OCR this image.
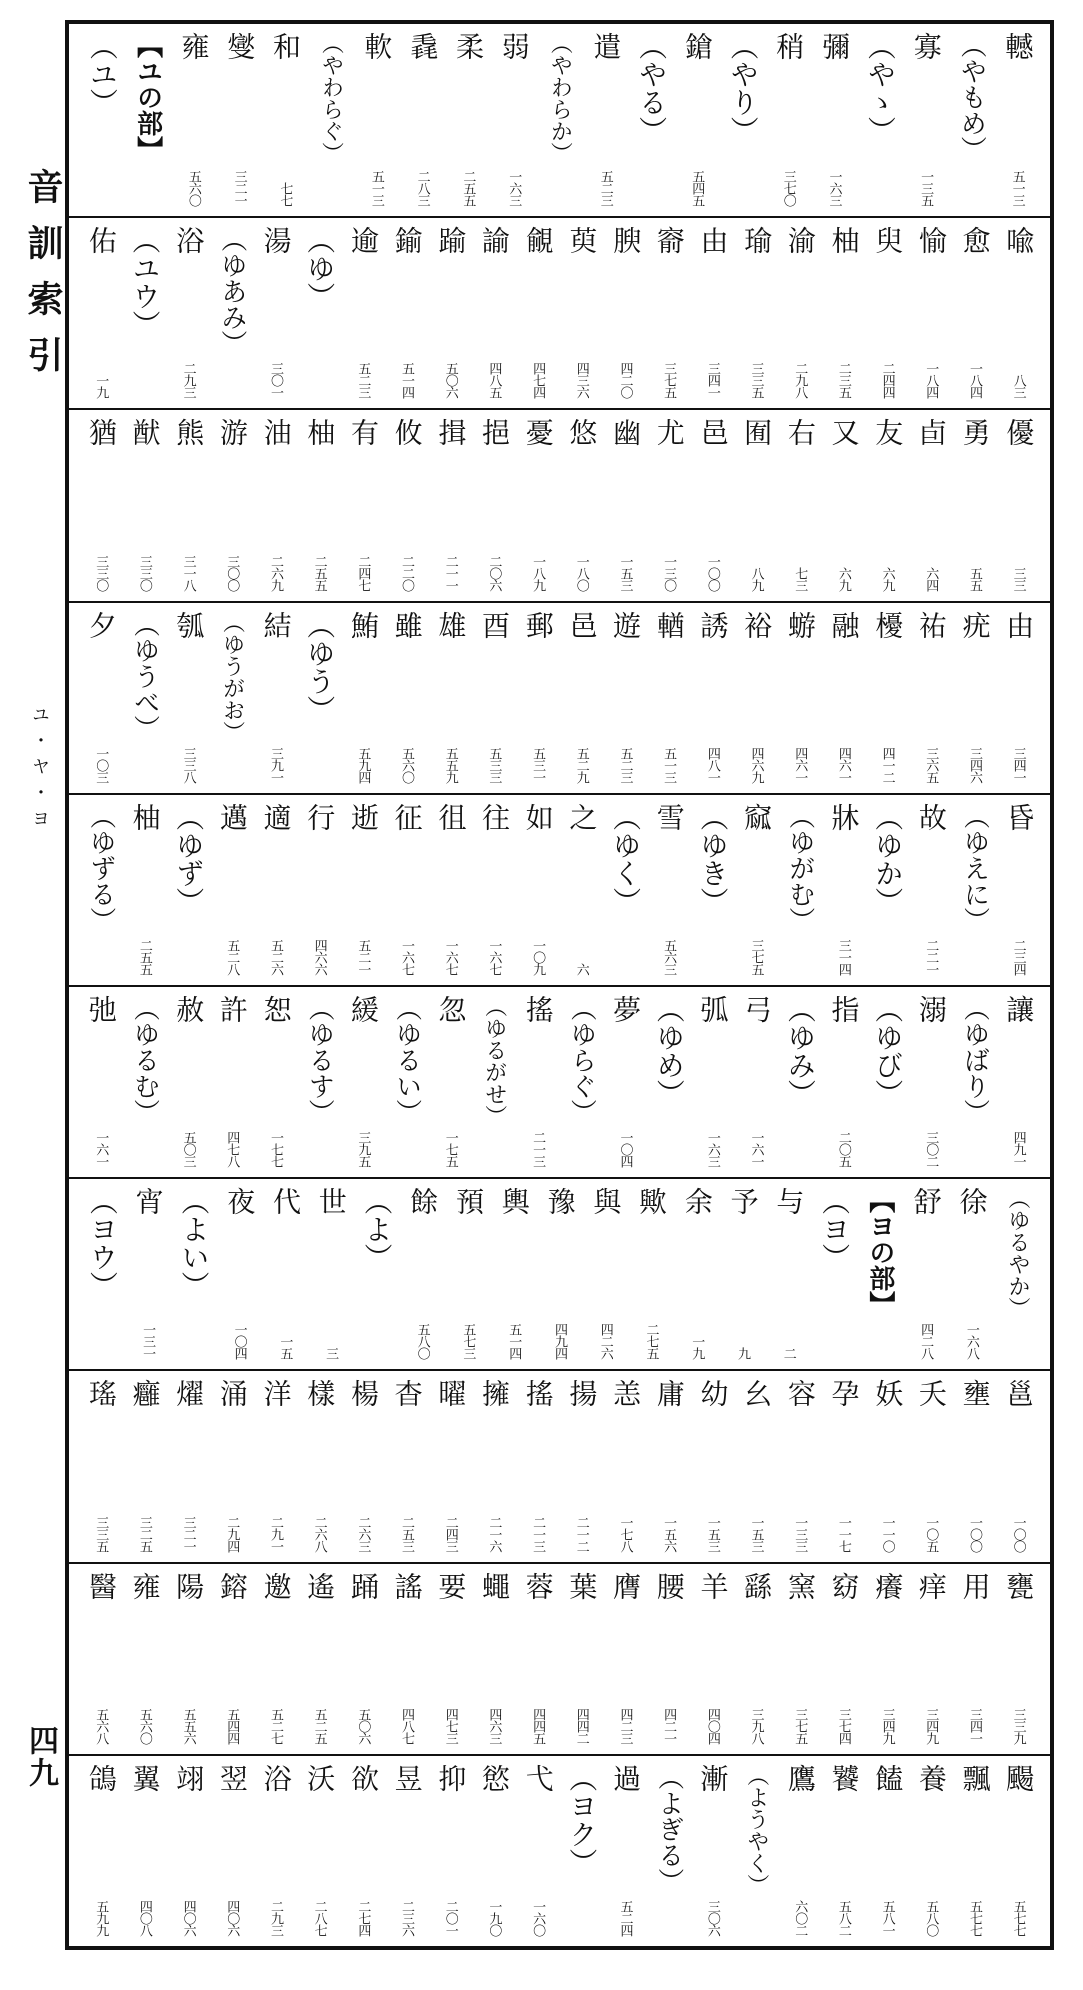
音訓索引
ユ・ヤ・ヨ
四九
轗
五一三
（やもめ）
寡
一三五
（やゝ）
彌
一六三
稍
三七〇
（やり）
鎗
五四五
（やる）
遣
五二三
（やわらか）
弱
一六三
柔
二五五
毳
二八三
軟
五一三
（やわらぐ）
和
七七
燮
三二一
雍
五六〇
【ユの部】
（ユ）
喩
八三
愈
一八四
愉
一八四
臾
二四四
柚
二三五
渝
二九八
瑜
三三五
由
三四一
窬
三七五
腴
四二〇
萸
四三六
覦
四七四
諭
四八五
踰
五〇六
鍮
五一四
逾
五二三
（ゆ）
湯
三〇一
（ゆあみ）
浴
二九三
（ユウ）
佑
一九
優
三三
勇
五五
卣
六四
友
六九
又
六九
右
七三
囿
八九
邑
一〇〇
尤
一三〇
幽
一五三
悠
一八〇
憂
一八九
挹
二〇六
揖
二一一
攸
二二〇
有
二四七
柚
二五五
油
二六九
游
三〇〇
熊
三一八
猷
三三〇
猶
三三〇
由
三四一
疣
三四六
祐
三六五
櫌
四一二
融
四六一
蝣
四六一
裕
四六九
誘
四八一
輶
五一三
遊
五二三
邑
五二九
郵
五三一
酉
五三三
雄
五五九
雖
五六〇
鮪
五九四
（ゆう）
結
三九一
（ゆうがお）
瓠
三三八
（ゆうべ）
夕
一〇三
昏
二三四
（ゆえに）
故
二二一
（ゆか）
牀
三一四
（ゆがむ）
窳
三七五
（ゆき）
雪
五六三
（ゆく）
之
六
如
一〇九
往
一六七
徂
一六七
征
一六七
逝
五二一
行
四六六
適
五二六
邁
五二八
（ゆず）
柚
二五五
（ゆずる）
讓
四九一
（ゆばり）
溺
三〇二
（ゆび）
指
二〇五
（ゆみ）
弓
一六一
弧
一六三
（ゆめ）
夢
一〇四
（ゆらぐ）
搖
二一三
（ゆるがせ）
忽
一七五
（ゆるい）
緩
三九五
（ゆるす）
恕
一七七
許
四七八
赦
五〇三
（ゆるむ）
弛
一六一
（ゆるやか）
徐
一六八
舒
四二八
【ヨの部】
（ヨ）
与
二
予
九
余
一九
歟
二七五
與
四二六
豫
四九四
輿
五一四
預
五七三
餘
五八〇
（よ）
世
三
代
一五
夜
一〇四
（よい）
宵
一三一
（ヨウ）
邕
一〇〇
壅
一〇〇
夭
一〇五
妖
一一〇
孕
一一七
容
一三三
幺
一五三
幼
一五三
庸
一五六
恙
一七八
揚
二一二
搖
二一三
擁
二一六
曜
二四三
杳
二五三
楊
二六三
樣
二六八
洋
二九一
涌
二九四
燿
三二一
癰
三二五
瑤
三三五
甕
三三九
用
三四一
痒
三四九
癢
三四九
窈
三七四
窯
三七五
繇
三九八
羊
四〇四
腰
四二一
膺
四二三
葉
四四二
蓉
四四五
蠅
四六三
要
四七三
謠
四八七
踊
五〇六
遙
五二五
邀
五二七
鎔
五四四
陽
五五六
雍
五六〇
醫
五六八
颺
五七七
飄
五七七
養
五八〇
饁
五八一
饕
五八二
鷹
六〇二
（ようやく）
漸
三〇六
（よぎる）
過
五二四
（ヨク）
弋
一六〇
慾
一九〇
抑
二〇一
昱
二三六
欲
二七四
沃
二八七
浴
二九三
翌
四〇六
翊
四〇六
翼
四〇八
鴿
五九九
